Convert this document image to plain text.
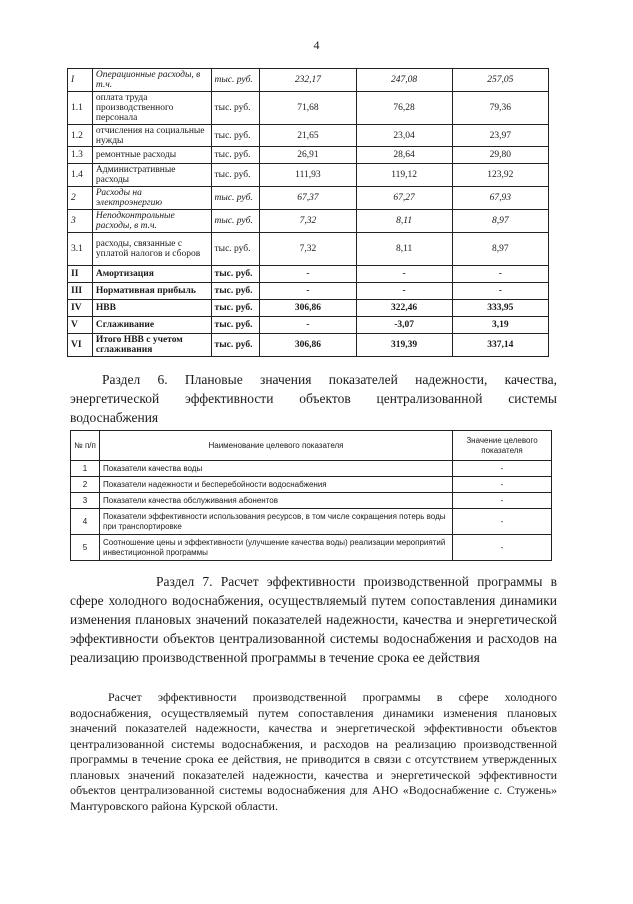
4
I	Операционные расходы, в т.ч.	тыс. руб.	232,17	247,08	257,05
1.1	оплата труда производственного персонала	тыс. руб.	71,68	76,28	79,36
1.2	отчисления на социальные нужды	тыс. руб.	21,65	23,04	23,97
1.3	ремонтные расходы	тыс. руб.	26,91	28,64	29,80
1.4	Административные расходы	тыс. руб.	111,93	119,12	123,92
2	Расходы на электроэнергию	тыс. руб.	67,37	67,27	67,93
3	Неподконтрольные расходы, в т.ч.	тыс. руб.	7,32	8,11	8,97
3.1	расходы, связанные с уплатой налогов и сборов	тыс. руб.	7,32	8,11	8,97
II	Амортизация	тыс. руб.	-	-	-
III	Нормативная прибыль	тыс. руб.	-	-	-
IV	НВВ	тыс. руб.	306,86	322,46	333,95
V	Сглаживание	тыс. руб.	-	-3,07	3,19
VI	Итого НВВ с учетом сглаживания	тыс. руб.	306,86	319,39	337,14
Раздел 6. Плановые значения показателей надежности, качества, энергетической эффективности объектов централизованной системы водоснабжения
№ п/п	Наименование целевого показателя	Значение целевого показателя
1	Показатели качества воды	-
2	Показатели надежности и бесперебойности водоснабжения	-
3	Показатели качества обслуживания абонентов	-
4	Показатели эффективности использования ресурсов, в том числе сокращения потерь воды при транспортировке	-
5	Соотношение цены и эффективности (улучшение качества воды) реализации мероприятий инвестиционной программы	-
Раздел 7. Расчет эффективности производственной программы в сфере холодного водоснабжения, осуществляемый путем сопоставления динамики изменения плановых значений показателей надежности, качества и энергетической эффективности объектов централизованной системы водоснабжения и расходов на реализацию производственной программы в течение срока ее действия
Расчет эффективности производственной программы в сфере холодного водоснабжения, осуществляемый путем сопоставления динамики изменения плановых значений показателей надежности, качества и энергетической эффективности объектов централизованной системы водоснабжения, и расходов на реализацию производственной программы в течение срока ее действия, не приводится в связи с отсутствием утвержденных плановых значений показателей надежности, качества и энергетической эффективности объектов централизованной системы водоснабжения для АНО «Водоснабжение с. Стужень» Мантуровского района Курской области.
